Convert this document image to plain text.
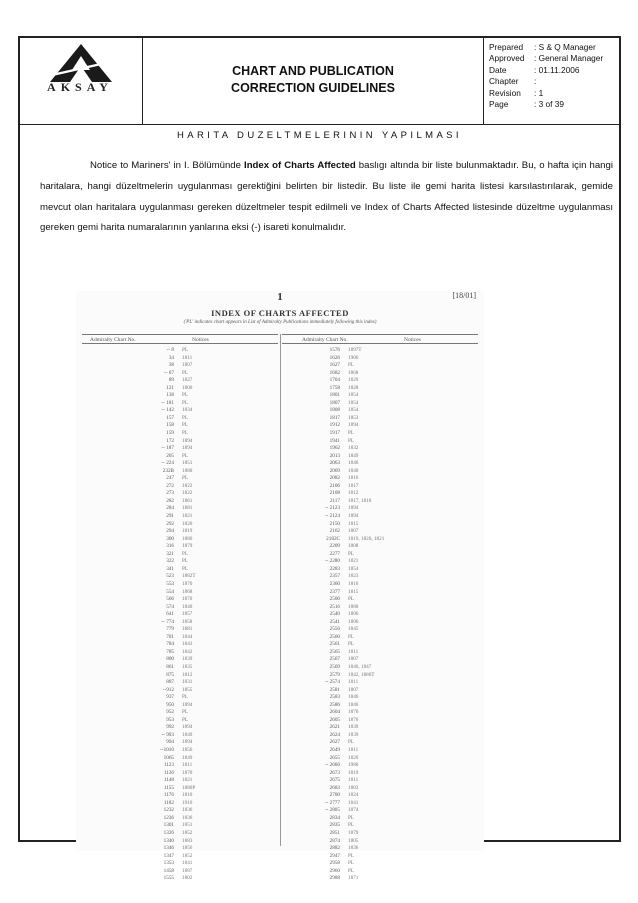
AKSAY
CHART AND PUBLICATION
CORRECTION GUIDELINES
Prepared	: S & Q Manager
Approved	: General Manager
Date	: 01.11.2006
Chapter	:
Revision	: 1
Page	: 3 of 39
HARITA DUZELTMELERININ YAPILMASI
Notice to Mariners' in I. Bölümünde Index of Charts Affected baslıgı altında bir liste bulunmaktadır. Bu, o hafta için hangi haritalara, hangi düzeltmelerin uygulanması gerektiğini belirten bir listedir. Bu liste ile gemi harita listesi karsılastırılarak, gemide mevcut olan haritalara uygulanması gereken düzeltmeler tespit edilmeli ve Index of Charts Affected listesinde düzeltme uygulanması gereken gemi harita numaralarının yanlarına eksi (-) isareti konulmalıdır.
1	[18/01]
INDEX OF CHARTS AFFECTED
('PL' indicates chart appears in List of Admiralty Publications immediately following this index)
Admiralty Chart No.	Notices	Admiralty Chart No.	Notices
-- 8	PL
34	1811
38	1807
-- 67	PL
89	1827
121	1800
138	PL
-- 181	PL
-- 142	1834
157	PL
158	PL
159	PL
172	1894
-- 187	1894
205	PL
-- 224	1851
232B	1880
247	PL
272	1822
273	1822
282	1861
284	1881
291	1821
292	1820
294	1819
300	1880
316	1879
321	PL
322	PL
341	PL
523	1882T
553	1870
554	1868
566	1870
574	1840
641	1857
-- 774	1858
779	1881
781	1844
784	1843
785	1842
800	1839
861	1835
875	1812
887	1831
--912	1855
937	PL
950	1894
952	PL
953	PL
992	1894
-- 993	1849
994	1894
--1010	1856
1065	1849
1123	1811
1136	1870
1148	1821
1155	1880P
1176	1810
1182	1910
1232	1836
1236	1836
1301	1851
1326	1852
1340	1883
1346	1856
1347	1852
1353	1841
1458	1887
1555	1802
1576	1897T
1626	1906
1627	PL
1682	1868
1704	1829
1758	1828
1801	1854
1807	1854
1808	1854
1817	1853
1912	1894
1917	PL
1941	PL
1962	1832
2013	1849
2063	1846
2069	1840
2082	1816
2106	1817
2108	1812
2117	1817, 1818
-- 2123	1894
-- 2124	1894
2150	1815
2162	1807
2182C	1819, 1820, 1821
2209	1808
2277	PL
-- 2280	1821
2283	1854
2357	1823
2360	1816
2377	1815
2500	PL
2516	1880
2540	1806
2541	1806
2556	1845
2560	PL
2561	PL
2565	1811
2567	1807
2569	1846, 1847
2579	1842, 1880T
-- 2574	1811
2581	1807
2583	1846
2586	1846
2604	1876
2605	1876
2621	1839
2624	1839
2627	PL
2649	1811
2655	1820
-- 2666	1980
2673	1819
2675	1811
2683	1803
2700	1824
-- 2777	1841
-- 2805	1874
2834	PL
2835	PL
2851	1879
2874	1805
2882	1836
2947	PL
2958	PL
2960	PL
2988	1871
